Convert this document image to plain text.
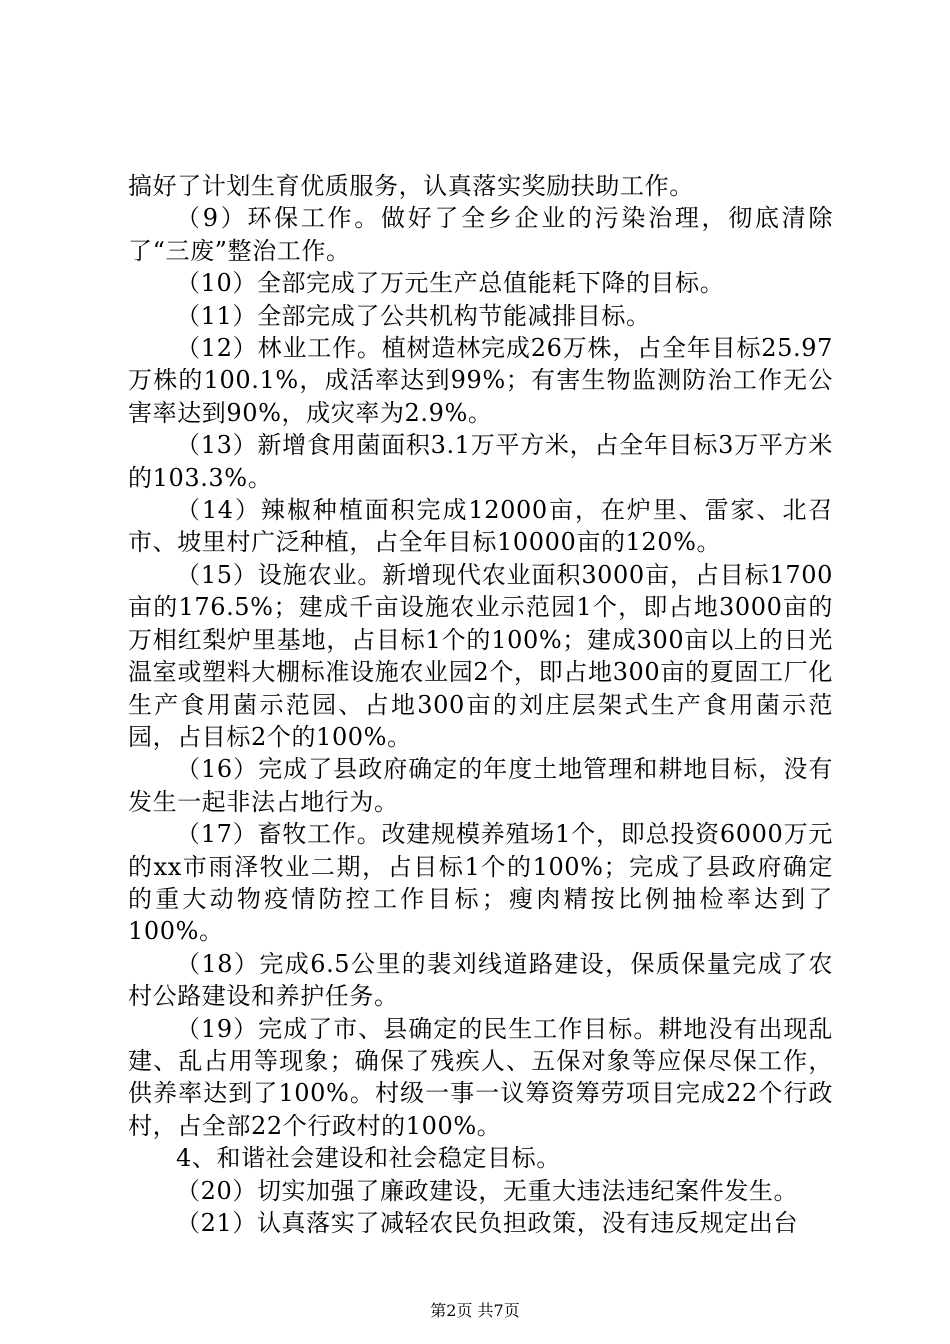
搞好了计划生育优质服务，认真落实奖励扶助工作。

（9）环保工作。做好了全乡企业的污染治理，彻底清除了“三废”整治工作。

（10）全部完成了万元生产总值能耗下降的目标。

（11）全部完成了公共机构节能减排目标。

（12）林业工作。植树造林完成26万株，占全年目标25.97万株的100.1%，成活率达到99%；有害生物监测防治工作无公害率达到90%，成灾率为2.9%。

（13）新增食用菌面积3.1万平方米，占全年目标3万平方米的103.3%。

（14）辣椒种植面积完成12000亩，在炉里、雷家、北召市、坡里村广泛种植，占全年目标10000亩的120%。

（15）设施农业。新增现代农业面积3000亩，占目标1700亩的176.5%；建成千亩设施农业示范园1个，即占地3000亩的万相红梨炉里基地，占目标1个的100%；建成300亩以上的日光温室或塑料大棚标准设施农业园2个，即占地300亩的夏固工厂化生产食用菌示范园、占地300亩的刘庄层架式生产食用菌示范园，占目标2个的100%。

（16）完成了县政府确定的年度土地管理和耕地目标，没有发生一起非法占地行为。

（17）畜牧工作。改建规模养殖场1个，即总投资6000万元的xx市雨泽牧业二期，占目标1个的100%；完成了县政府确定的重大动物疫情防控工作目标；瘦肉精按比例抽检率达到了100%。

（18）完成6.5公里的裴刘线道路建设，保质保量完成了农村公路建设和养护任务。

（19）完成了市、县确定的民生工作目标。耕地没有出现乱建、乱占用等现象；确保了残疾人、五保对象等应保尽保工作，供养率达到了100%。村级一事一议筹资筹劳项目完成22个行政村，占全部22个行政村的100%。

4、和谐社会建设和社会稳定目标。

（20）切实加强了廉政建设，无重大违法违纪案件发生。

（21）认真落实了减轻农民负担政策，没有违反规定出台

第2页 共7页
